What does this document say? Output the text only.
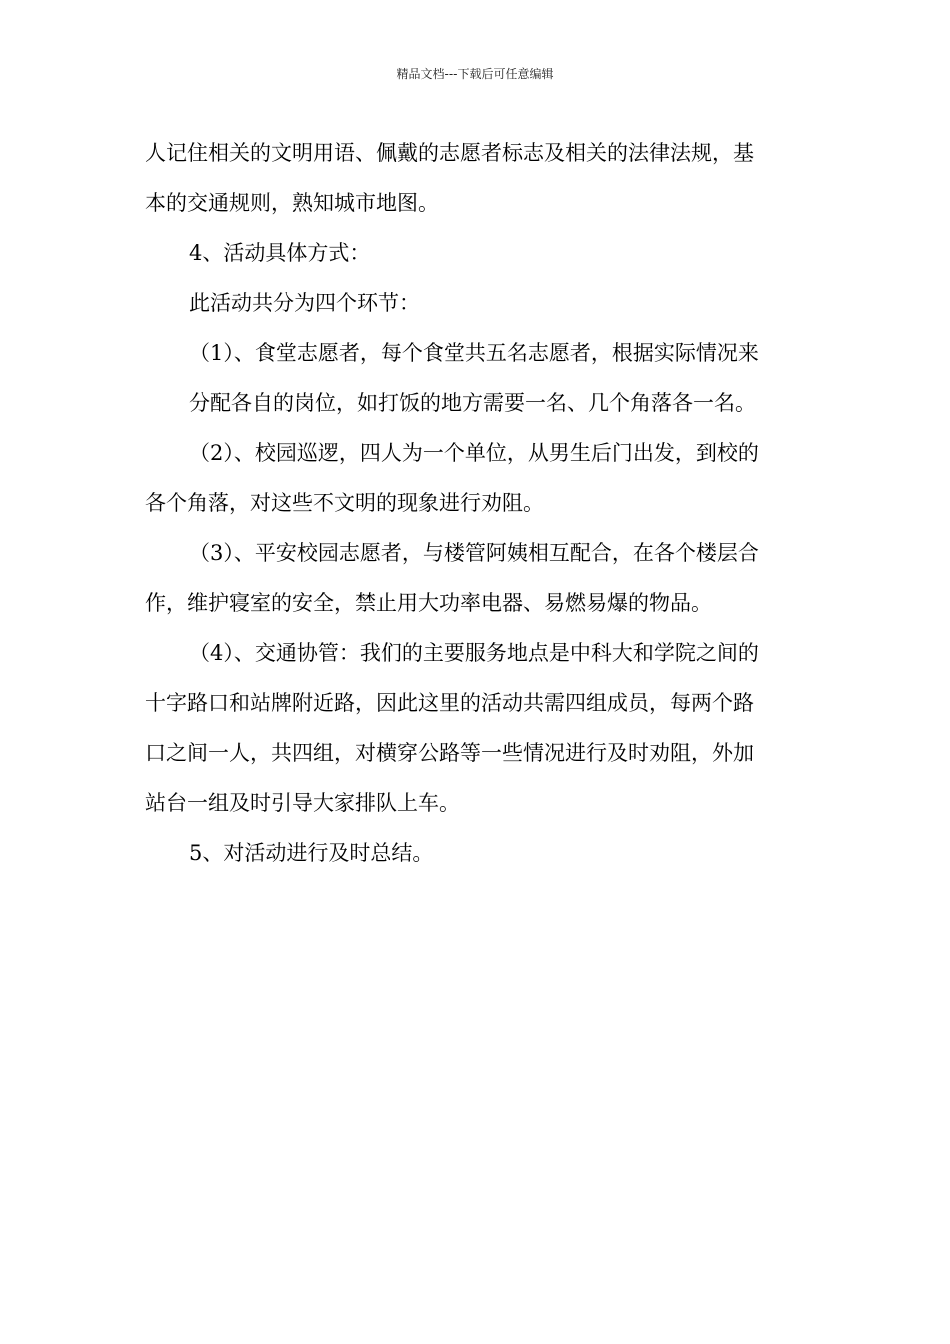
精品文档---下载后可任意编辑

人记住相关的文明用语、佩戴的志愿者标志及相关的法律法规，基

本的交通规则，熟知城市地图。

4、活动具体方式：

此活动共分为四个环节：

（1）、食堂志愿者，每个食堂共五名志愿者，根据实际情况来

分配各自的岗位，如打饭的地方需要一名、几个角落各一名。

（2）、校园巡逻，四人为一个单位，从男生后门出发，到校的

各个角落，对这些不文明的现象进行劝阻。

（3）、平安校园志愿者，与楼管阿姨相互配合，在各个楼层合

作，维护寝室的安全，禁止用大功率电器、易燃易爆的物品。

（4）、交通协管：我们的主要服务地点是中科大和学院之间的

十字路口和站牌附近路，因此这里的活动共需四组成员，每两个路

口之间一人，共四组，对横穿公路等一些情况进行及时劝阻，外加

站台一组及时引导大家排队上车。

5、对活动进行及时总结。
